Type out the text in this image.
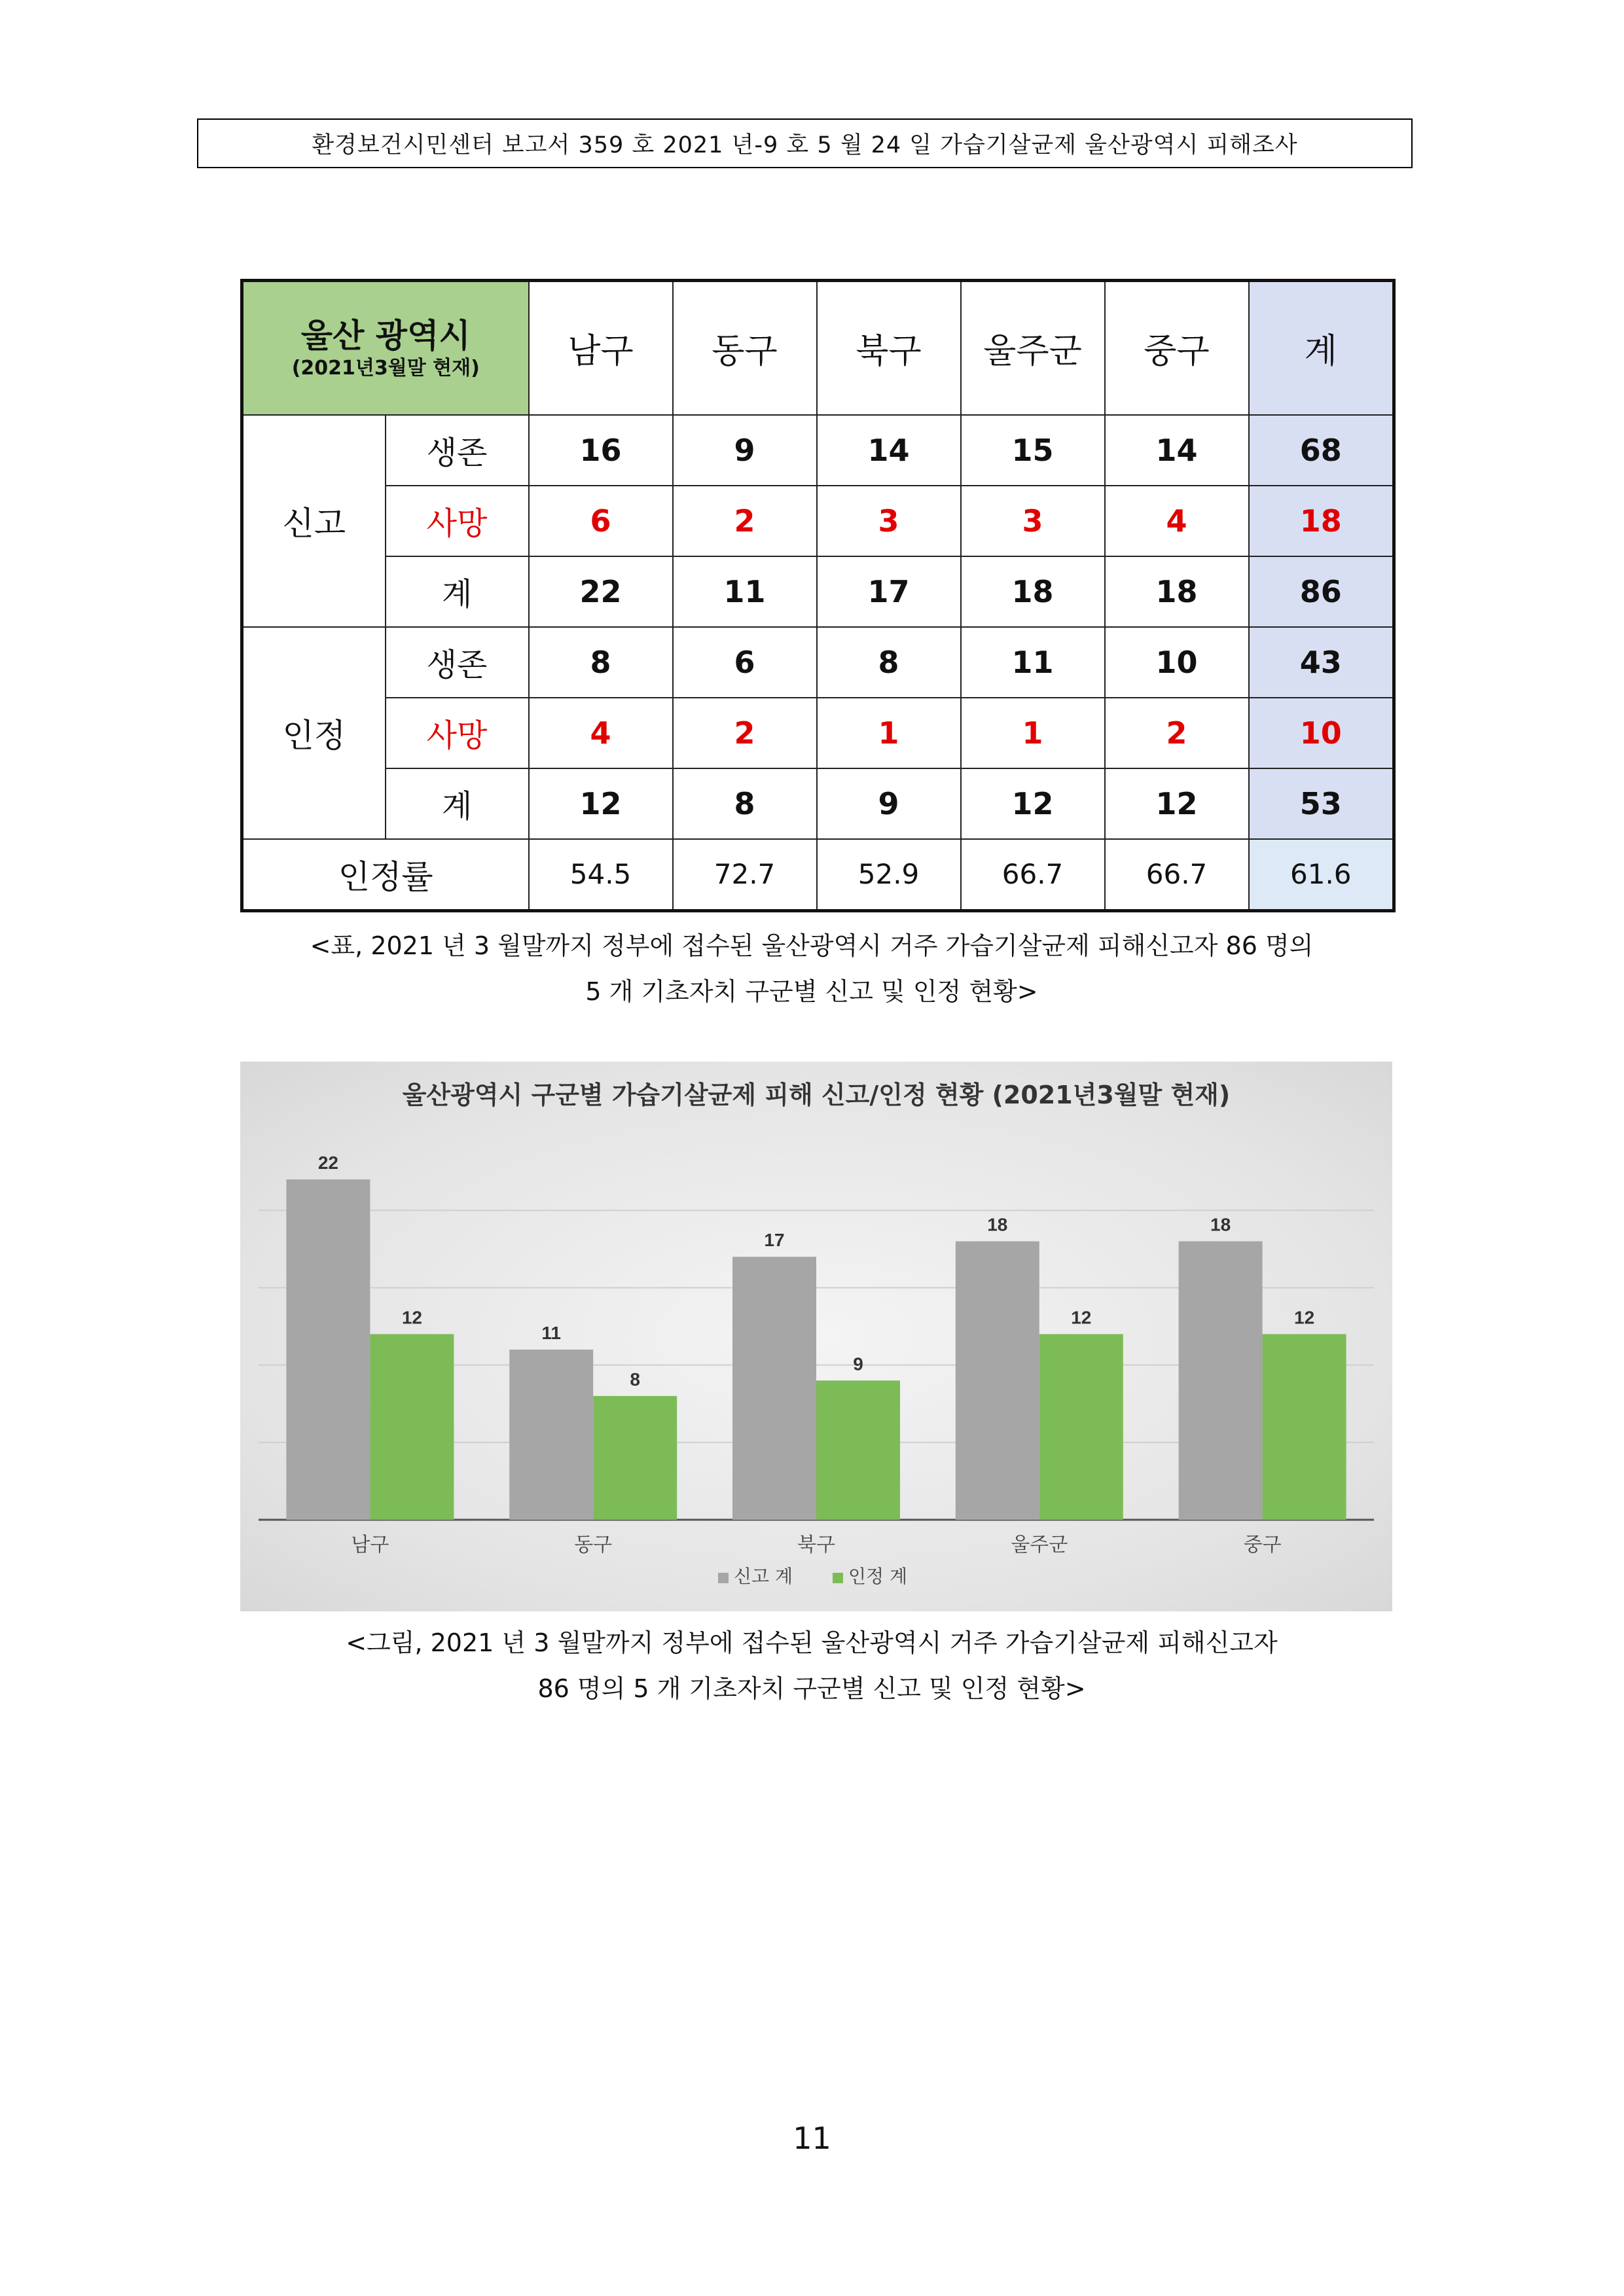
환경보건시민센터 보고서 359 호 2021 년-9 호 5 월 24 일 가습기살균제 울산광역시 피해조사
울산 광역시
(2021년3월말 현재)		남구	동구	북구	울주군	중구	계
신고	생존	16	9	14	15	14	68
	사망	6	2	3	3	4	18
	계	22	11	17	18	18	86
인정	생존	8	6	8	11	10	43
	사망	4	2	1	1	2	10
	계	12	8	9	12	12	53
인정률		54.5	72.7	52.9	66.7	66.7	61.6
<표, 2021 년 3 월말까지 정부에 접수된 울산광역시 거주 가습기살균제 피해신고자 86 명의
5 개 기초자치 구군별 신고 및 인정 현황>
울산광역시 구군별 가습기살균제 피해 신고/인정 현황 (2021년3월말 현재)
22
12
남구
11
8
동구
17
9
북구
18
12
울주군
18
12
중구
신고 계	인정 계
<그림, 2021 년 3 월말까지 정부에 접수된 울산광역시 거주 가습기살균제 피해신고자
86 명의 5 개 기초자치 구군별 신고 및 인정 현황>
11
